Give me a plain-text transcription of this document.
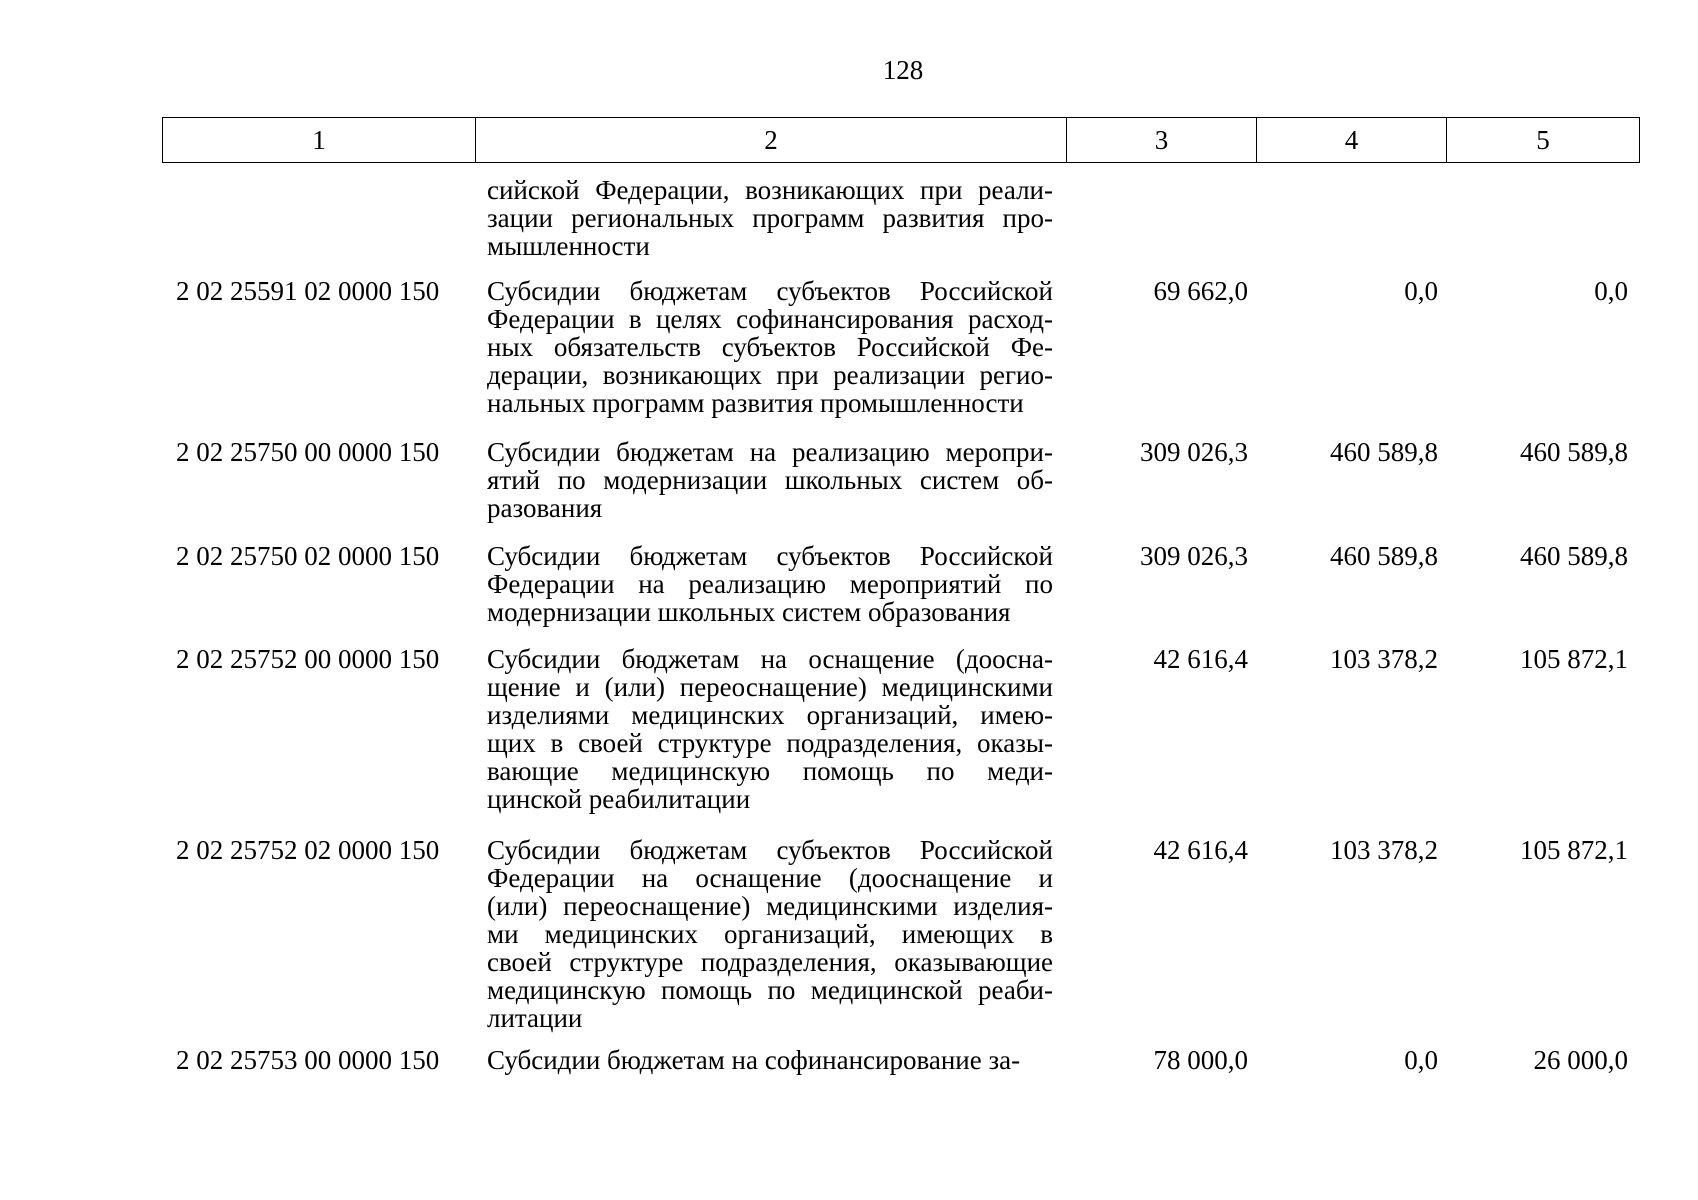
128
1	2	3	4	5
сийской Федерации, возникающих при реали-
зации региональных программ развития про-
мышленности
2 02 25591 02 0000 150 Субсидии бюджетам субъектов Российской
Федерации в целях софинансирования расход-
ных обязательств субъектов Российской Фе-
дерации, возникающих при реализации регио-
нальных программ развития промышленности
69 662,0	0,0	0,0
2 02 25750 00 0000 150 Субсидии бюджетам на реализацию меропри-
ятий по модернизации школьных систем об-
разования
309 026,3	460 589,8	460 589,8
2 02 25750 02 0000 150 Субсидии бюджетам субъектов Российской
Федерации на реализацию мероприятий по
модернизации школьных систем образования
309 026,3	460 589,8	460 589,8
2 02 25752 00 0000 150 Субсидии бюджетам на оснащение (дооcна-
щение и (или) переоснащение) медицинскими
изделиями медицинских организаций, имею-
щих в своей структуре подразделения, оказы-
вающие медицинскую помощь по меди-
цинской реабилитации
42 616,4	103 378,2	105 872,1
2 02 25752 02 0000 150 Субсидии бюджетам субъектов Российской
Федерации на оснащение (дооснащение и
(или) переоснащение) медицинскими изделия-
ми медицинских организаций, имеющих в
своей структуре подразделения, оказывающие
медицинскую помощь по медицинской реаби-
литации
42 616,4	103 378,2	105 872,1
2 02 25753 00 0000 150 Субсидии бюджетам на софинансирование за-	78 000,0	0,0	26 000,0
